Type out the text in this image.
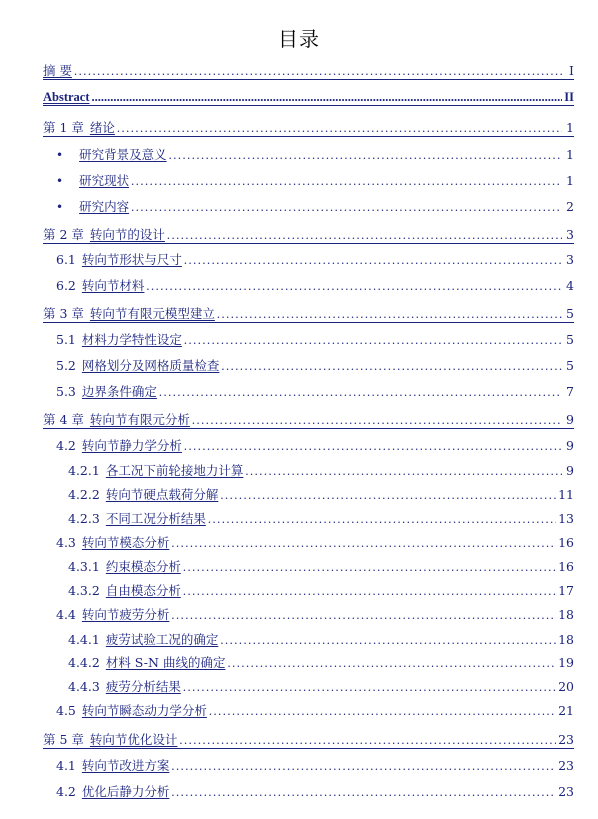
目录
摘 要 .....	I
Abstract .....	II
第 1 章 绪论 .....	1
• 研究背景及意义 .....	1
• 研究现状 .....	1
• 研究内容 .....	2
第 2 章 转向节的设计 .....	3
6.1 转向节形状与尺寸 .....	3
6.2 转向节材料 .....	4
第 3 章 转向节有限元模型建立 .....	5
5.1 材料力学特性设定 .....	5
5.2 网格划分及网格质量检查 .....	5
5.3 边界条件确定 .....	7
第 4 章 转向节有限元分析 .....	9
4.2 转向节静力学分析 .....	9
4.2.1 各工况下前轮接地力计算 .....	9
4.2.2 转向节硬点载荷分解 .....	11
4.2.3 不同工况分析结果 .....	13
4.3 转向节模态分析 .....	16
4.3.1 约束模态分析 .....	16
4.3.2 自由模态分析 .....	17
4.4 转向节疲劳分析 .....	18
4.4.1 疲劳试验工况的确定 .....	18
4.4.2 材料 S-N 曲线的确定 .....	19
4.4.3 疲劳分析结果 .....	20
4.5 转向节瞬态动力学分析 .....	21
第 5 章 转向节优化设计 .....	23
4.1 转向节改进方案 .....	23
4.2 优化后静力分析 .....	23
